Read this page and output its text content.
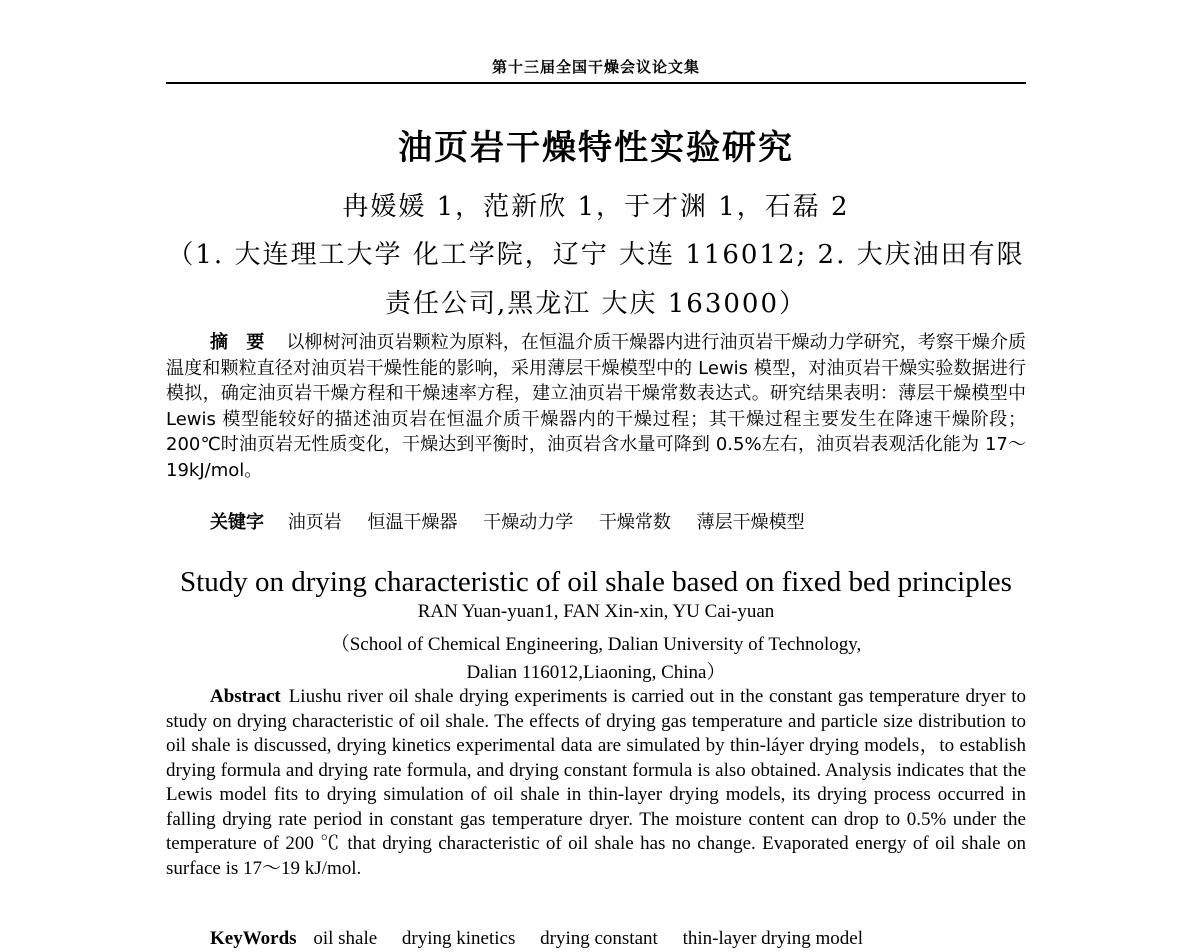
第十三届全国干燥会议论文集
油页岩干燥特性实验研究
冉媛媛 1，范新欣 1，于才渊 1，石磊 2
（1. 大连理工大学 化工学院，辽宁 大连 116012; 2. 大庆油田有限
责任公司,黑龙江 大庆 163000）
摘 要 以柳树河油页岩颗粒为原料，在恒温介质干燥器内进行油页岩干燥动力学研究，考察干燥介质温度和颗粒直径对油页岩干燥性能的影响，采用薄层干燥模型中的 Lewis 模型，对油页岩干燥实验数据进行模拟，确定油页岩干燥方程和干燥速率方程，建立油页岩干燥常数表达式。研究结果表明：薄层干燥模型中 Lewis 模型能较好的描述油页岩在恒温介质干燥器内的干燥过程；其干燥过程主要发生在降速干燥阶段；200℃时油页岩无性质变化，干燥达到平衡时，油页岩含水量可降到 0.5%左右，油页岩表观活化能为 17～19kJ/mol。
关键字 油页岩 恒温干燥器 干燥动力学 干燥常数 薄层干燥模型
Study on drying characteristic of oil shale based on fixed bed principles
RAN Yuan-yuan1, FAN Xin-xin, YU Cai-yuan
（School of Chemical Engineering, Dalian University of Technology,
Dalian 116012,Liaoning, China）
Abstract Liushu river oil shale drying experiments is carried out in the constant gas temperature dryer to study on drying characteristic of oil shale. The effects of drying gas temperature and particle size distribution to oil shale is discussed, drying kinetics experimental data are simulated by thin-láyer drying models，to establish drying formula and drying rate formula, and drying constant formula is also obtained. Analysis indicates that the Lewis model fits to drying simulation of oil shale in thin-layer drying models, its drying process occurred in falling drying rate period in constant gas temperature dryer. The moisture content can drop to 0.5% under the temperature of 200 ℃ that drying characteristic of oil shale has no change. Evaporated energy of oil shale on surface is 17～19 kJ/mol.
KeyWords oil shale drying kinetics drying constant thin-layer drying model
